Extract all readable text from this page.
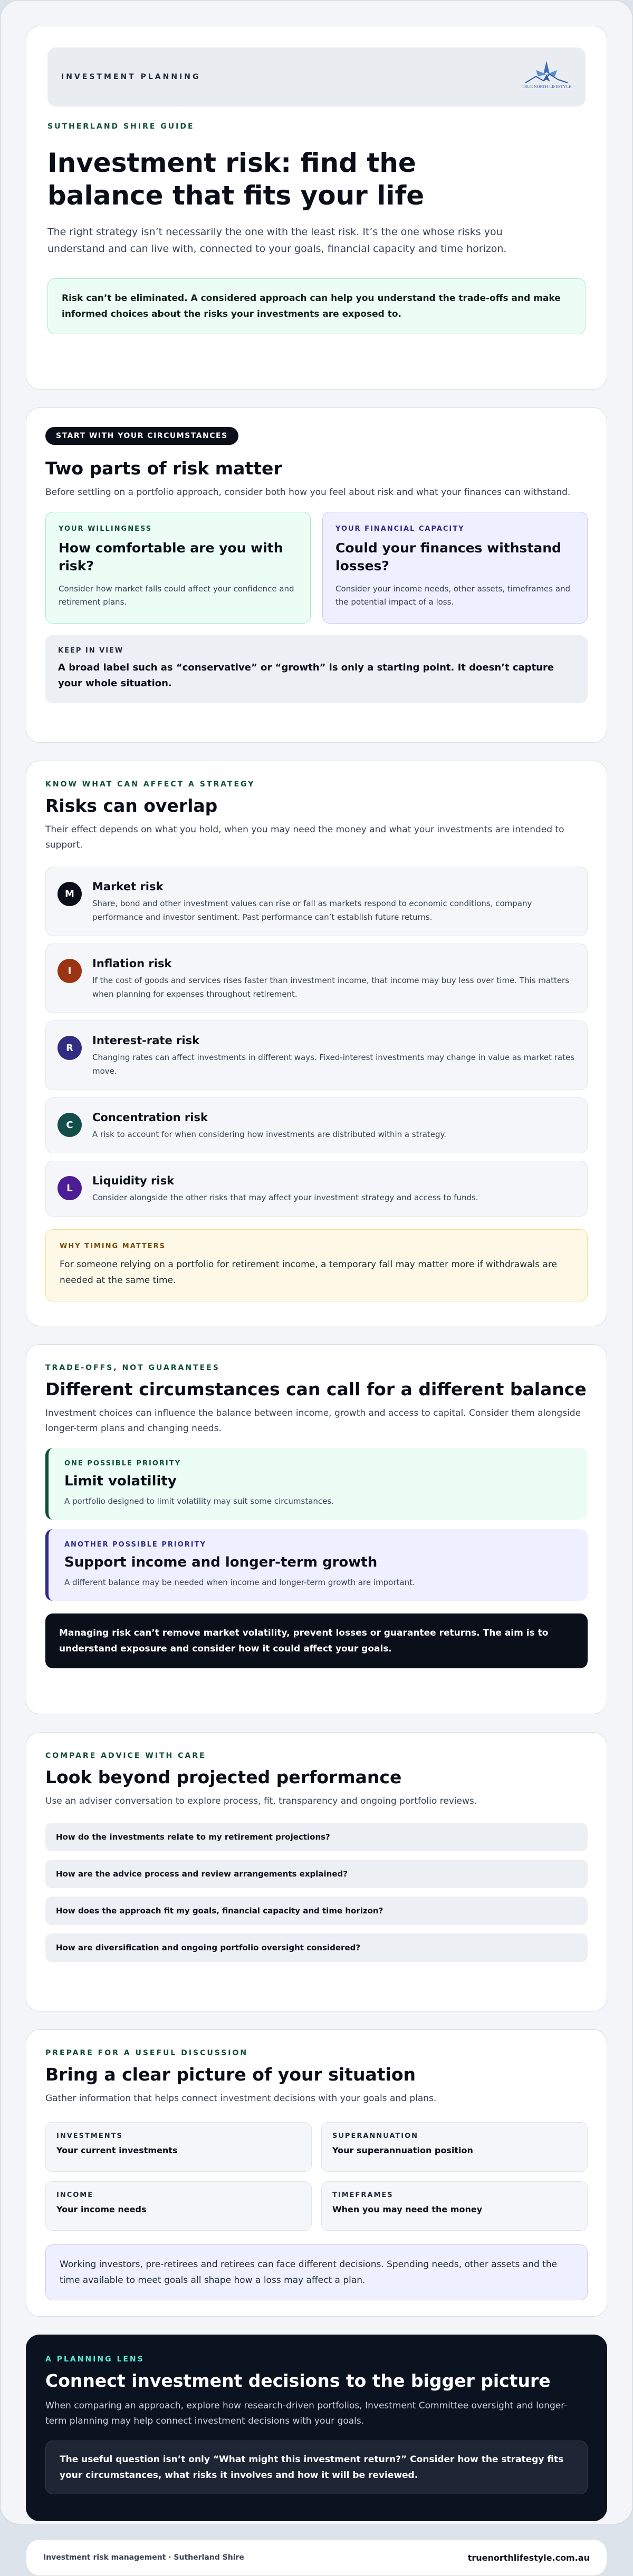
INVESTMENT PLANNING
TRUE NORTH LIFESTYLE
SUTHERLAND SHIRE GUIDE
Investment risk: find the balance that fits your life

The right strategy isn’t necessarily the one with the least risk. It’s the one whose risks you understand and can live with, connected to your goals, financial capacity and time horizon.

Risk can’t be eliminated. A considered approach can help you understand the trade-offs and make informed choices about the risks your investments are exposed to.
START WITH YOUR CIRCUMSTANCES
Two parts of risk matter

Before settling on a portfolio approach, consider both how you feel about risk and what your finances can withstand.

YOUR WILLINGNESS
How comfortable are you with risk?

Consider how market falls could affect your confidence and retirement plans.

YOUR FINANCIAL CAPACITY
Could your finances withstand losses?

Consider your income needs, other assets, timeframes and the potential impact of a loss.

KEEP IN VIEW

A broad label such as “conservative” or “growth” is only a starting point. It doesn’t capture your whole situation.

KNOW WHAT CAN AFFECT A STRATEGY
Risks can overlap

Their effect depends on what you hold, when you may need the money and what your investments are intended to support.

M
Market risk

Share, bond and other investment values can rise or fall as markets respond to economic conditions, company performance and investor sentiment. Past performance can’t establish future returns.

I
Inflation risk

If the cost of goods and services rises faster than investment income, that income may buy less over time. This matters when planning for expenses throughout retirement.

R
Interest-rate risk

Changing rates can affect investments in different ways. Fixed-interest investments may change in value as market rates move.

C
Concentration risk

A risk to account for when considering how investments are distributed within a strategy.

L
Liquidity risk

Consider alongside the other risks that may affect your investment strategy and access to funds.

WHY TIMING MATTERS

For someone relying on a portfolio for retirement income, a temporary fall may matter more if withdrawals are needed at the same time.

TRADE-OFFS, NOT GUARANTEES
Different circumstances can call for a different balance

Investment choices can influence the balance between income, growth and access to capital. Consider them alongside longer-term plans and changing needs.

ONE POSSIBLE PRIORITY
Limit volatility

A portfolio designed to limit volatility may suit some circumstances.

ANOTHER POSSIBLE PRIORITY
Support income and longer-term growth

A different balance may be needed when income and longer-term growth are important.

Managing risk can’t remove market volatility, prevent losses or guarantee returns. The aim is to understand exposure and consider how it could affect your goals.
COMPARE ADVICE WITH CARE
Look beyond projected performance

Use an adviser conversation to explore process, fit, transparency and ongoing portfolio reviews.

How do the investments relate to my retirement projections?
How are the advice process and review arrangements explained?
How does the approach fit my goals, financial capacity and time horizon?
How are diversification and ongoing portfolio oversight considered?
PREPARE FOR A USEFUL DISCUSSION
Bring a clear picture of your situation

Gather information that helps connect investment decisions with your goals and plans.

INVESTMENTS

Your current investments

SUPERANNUATION

Your superannuation position

INCOME

Your income needs

TIMEFRAMES

When you may need the money

Working investors, pre-retirees and retirees can face different decisions. Spending needs, other assets and the time available to meet goals all shape how a loss may affect a plan.
A PLANNING LENS
Connect investment decisions to the bigger picture

When comparing an approach, explore how research-driven portfolios, Investment Committee oversight and longer-term planning may help connect investment decisions with your goals.

The useful question isn’t only “What might this investment return?” Consider how the strategy fits your circumstances, what risks it involves and how it will be reviewed.
Investment risk management · Sutherland Shire	truenorthlifestyle.com.au
